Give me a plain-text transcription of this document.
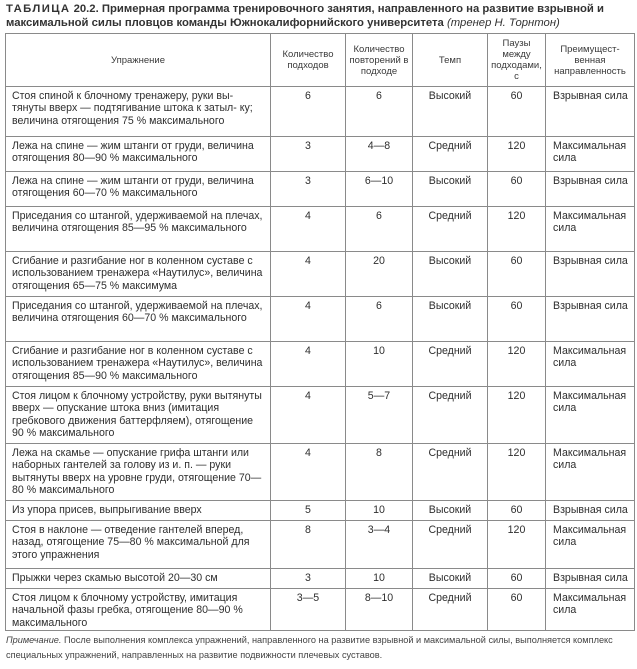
ТАБЛИЦА 20.2. Примерная программа тренировочного занятия, направленного на развитие взрывной и максимальной силы пловцов команды Южнокалифорнийского университета (тренер Н. Торнтон)
Упражнение	Количество подходов	Количество повторений в подходе	Темп	Паузы между подходами, с	Преимущест- венная направленность
Стоя спиной к блочному тренажеру, руки вы- тянуты вверх — подтягивание штока к затыл- ку; величина отягощения 75 % максимального	6	6	Высокий	60	Взрывная сила
Лежа на спине — жим штанги от груди, величина отягощения 80—90 % максимального	3	4—8	Средний	120	Максимальная сила
Лежа на спине — жим штанги от груди, величина отягощения 60—70 % максимального	3	6—10	Высокий	60	Взрывная сила
Приседания со штангой, удерживаемой на плечах, величина отягощения 85—95 % максимального	4	6	Средний	120	Максимальная сила
Сгибание и разгибание ног в коленном суставе с использованием тренажера «Наутилус», величина отягощения 65—75 % максимума	4	20	Высокий	60	Взрывная сила
Приседания со штангой, удерживаемой на плечах, величина отягощения 60—70 % максимального	4	6	Высокий	60	Взрывная сила
Сгибание и разгибание ног в коленном суставе с использованием тренажера «Наутилус», величина отягощения 85—90 % максимального	4	10	Средний	120	Максимальная сила
Стоя лицом к блочному устройству, руки вытянуты вверх — опускание штока вниз (имитация гребкового движения баттерфляем), отягощение 90 % максимального	4	5—7	Средний	120	Максимальная сила
Лежа на скамье — опускание грифа штанги или наборных гантелей за голову из и. п. — руки вытянуты вверх на уровне груди, отягощение 70—80 % максимального	4	8	Средний	120	Максимальная сила
Из упора присев, выпрыгивание вверх	5	10	Высокий	60	Взрывная сила
Стоя в наклоне — отведение гантелей вперед, назад, отягощение 75—80 % максимальной для этого упражнения	8	3—4	Средний	120	Максимальная сила
Прыжки через скамью высотой 20—30 см	3	10	Высокий	60	Взрывная сила
Стоя лицом к блочному устройству, имитация начальной фазы гребка, отягощение 80—90 % максимального	3—5	8—10	Средний	60	Максимальная сила
Примечание. После выполнения комплекса упражнений, направленного на развитие взрывной и максимальной силы, выполняется комплекс специальных упражнений, направленных на развитие подвижности плечевых суставов.
